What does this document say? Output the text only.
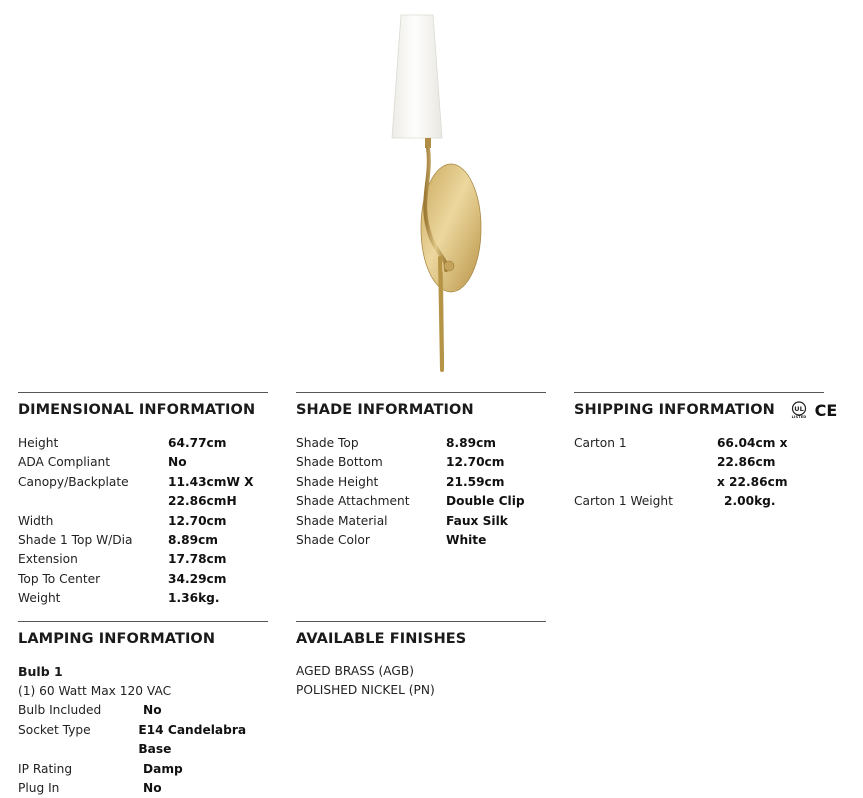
DIMENSIONAL INFORMATION
Height	64.77cm
ADA Compliant	No
Canopy/Backplate	11.43cmW X
22.86cmH
Width	12.70cm
Shade 1 Top W/Dia	8.89cm
Extension	17.78cm
Top To Center	34.29cm
Weight	1.36kg.
SHADE INFORMATION
Shade Top	8.89cm
Shade Bottom	12.70cm
Shade Height	21.59cm
Shade Attachment	Double Clip
Shade Material	Faux Silk
Shade Color	White
SHIPPING INFORMATION	UL
LISTED CE
Carton 1	66.04cm x 22.86cm
x 22.86cm
Carton 1 Weight	2.00kg.
LAMPING INFORMATION
Bulb 1
(1) 60 Watt Max 120 VAC
Bulb Included	No
Socket Type	E14 Candelabra Base
IP Rating	Damp
Plug In	No
AVAILABLE FINISHES
AGED BRASS (AGB)
POLISHED NICKEL (PN)
